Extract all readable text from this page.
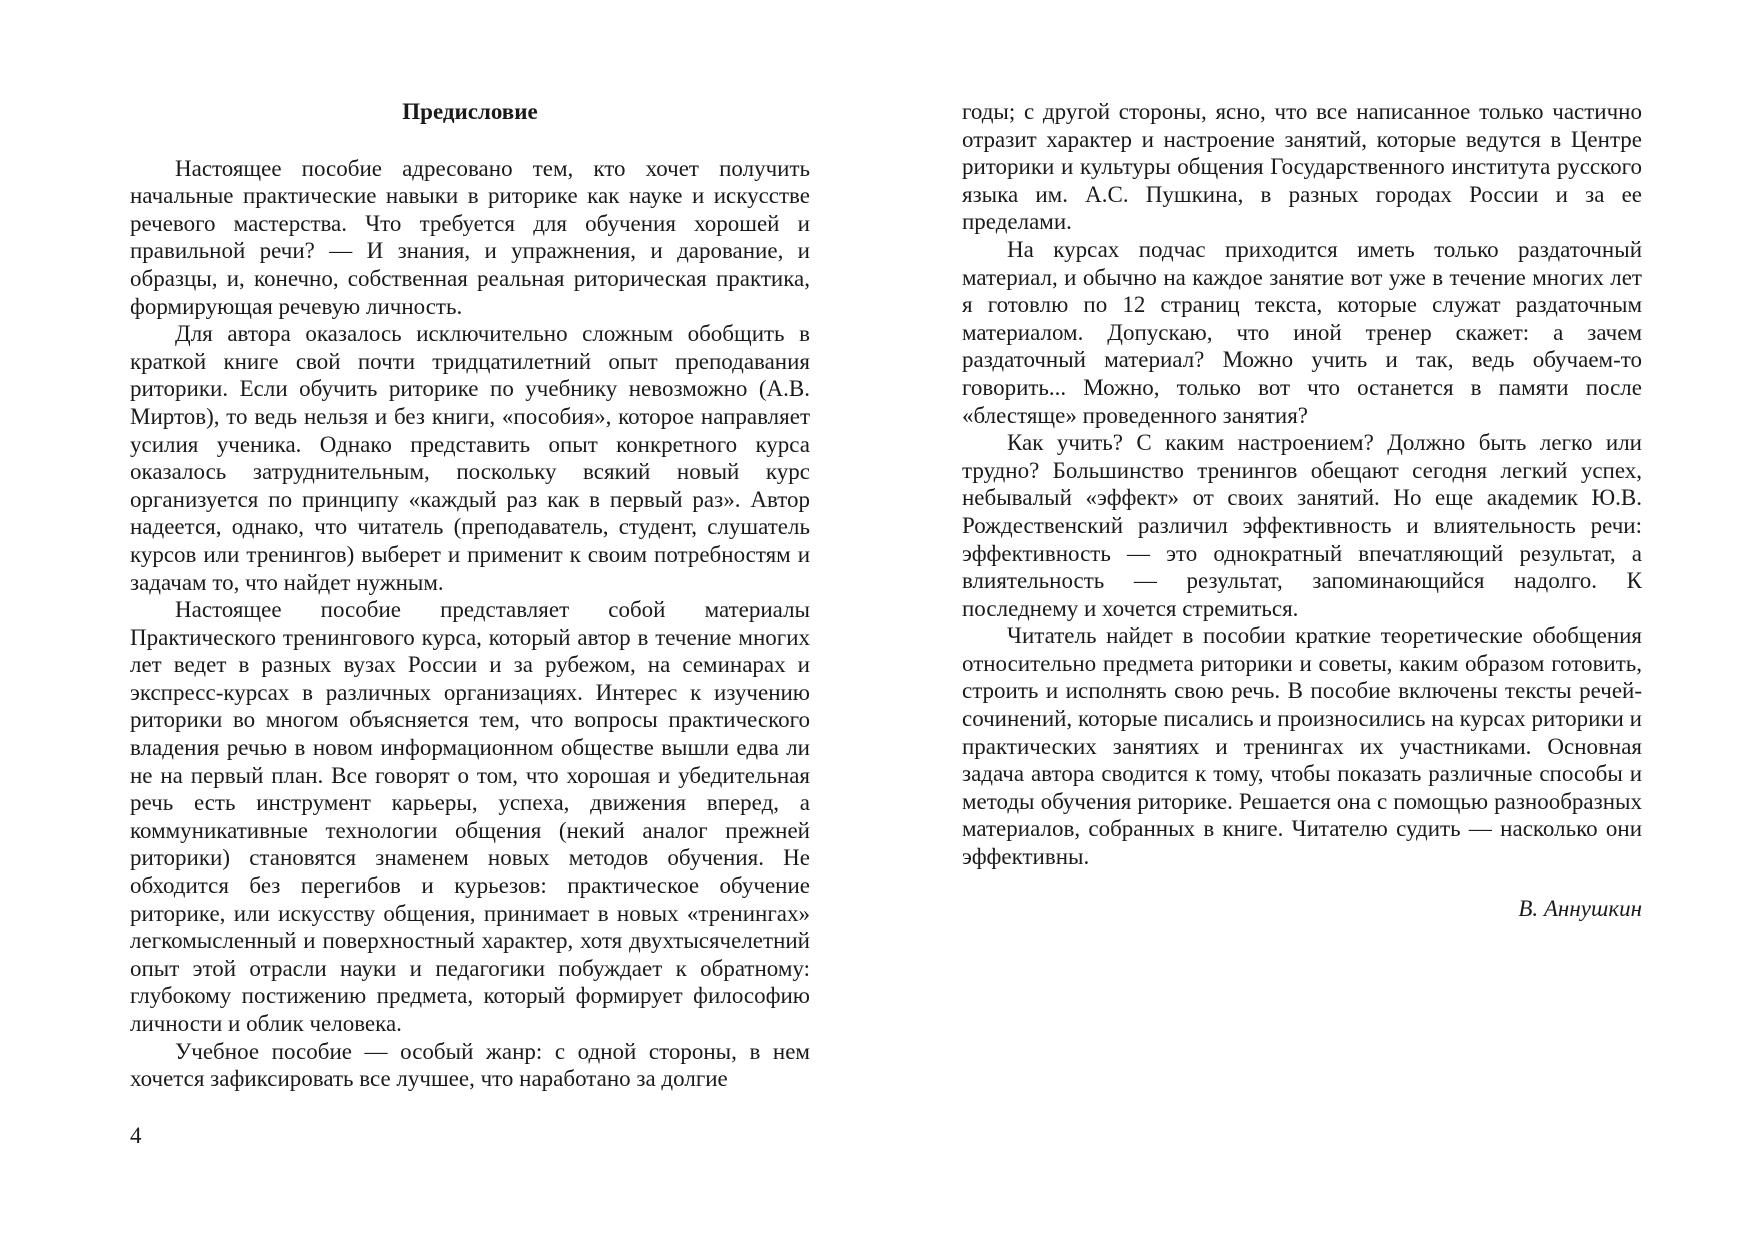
Предисловие

Настоящее пособие адресовано тем, кто хочет получить начальные практические навыки в риторике как науке и искусстве речевого мастерства. Что требуется для обучения хорошей и правильной речи? — И знания, и упражнения, и дарование, и образцы, и, конечно, собственная реальная риторическая практика, формирующая речевую личность.

Для автора оказалось исключительно сложным обобщить в краткой книге свой почти тридцатилетний опыт преподавания риторики. Если обучить риторике по учебнику невозможно (А.В. Миртов), то ведь нельзя и без книги, «пособия», которое направляет усилия ученика. Однако представить опыт конкретного курса оказалось затруднительным, поскольку всякий новый курс организуется по принципу «каждый раз как в первый раз». Автор надеется, однако, что читатель (преподаватель, студент, слушатель курсов или тренингов) выберет и применит к своим потребностям и задачам то, что найдет нужным.

Настоящее пособие представляет собой материалы Практического тренингового курса, который автор в течение многих лет ведет в разных вузах России и за рубежом, на семинарах и экспресс-курсах в различных организациях. Интерес к изучению риторики во многом объясняется тем, что вопросы практического владения речью в новом информационном обществе вышли едва ли не на первый план. Все говорят о том, что хорошая и убедительная речь есть инструмент карьеры, успеха, движения вперед, а коммуникативные технологии общения (некий аналог прежней риторики) становятся знаменем новых методов обучения. Не обходится без перегибов и курьезов: практическое обучение риторике, или искусству общения, принимает в новых «тренингах» легкомысленный и поверхностный характер, хотя двухтысячелетний опыт этой отрасли науки и педагогики побуждает к обратному: глубокому постижению предмета, который формирует философию личности и облик человека.

Учебное пособие — особый жанр: с одной стороны, в нем хочется зафиксировать все лучшее, что наработано за долгие

4

годы; с другой стороны, ясно, что все написанное только частично отразит характер и настроение занятий, которые ведутся в Центре риторики и культуры общения Государственного института русского языка им. А.С. Пушкина, в разных городах России и за ее пределами.

На курсах подчас приходится иметь только раздаточный материал, и обычно на каждое занятие вот уже в течение многих лет я готовлю по 12 страниц текста, которые служат раздаточным материалом. Допускаю, что иной тренер скажет: а зачем раздаточный материал? Можно учить и так, ведь обучаем-то говорить... Можно, только вот что останется в памяти после «блестяще» проведенного занятия?

Как учить? С каким настроением? Должно быть легко или трудно? Большинство тренингов обещают сегодня легкий успех, небывалый «эффект» от своих занятий. Но еще академик Ю.В. Рождественский различил эффективность и влиятельность речи: эффективность — это однократный впечатляющий результат, а влиятельность — результат, запоминающийся надолго. К последнему и хочется стремиться.

Читатель найдет в пособии краткие теоретические обобщения относительно предмета риторики и советы, каким образом готовить, строить и исполнять свою речь. В пособие включены тексты речей-сочинений, которые писались и произносились на курсах риторики и практических занятиях и тренингах их участниками. Основная задача автора сводится к тому, чтобы показать различные способы и методы обучения риторике. Решается она с помощью разнообразных материалов, собранных в книге. Читателю судить — насколько они эффективны.

В. Аннушкин
